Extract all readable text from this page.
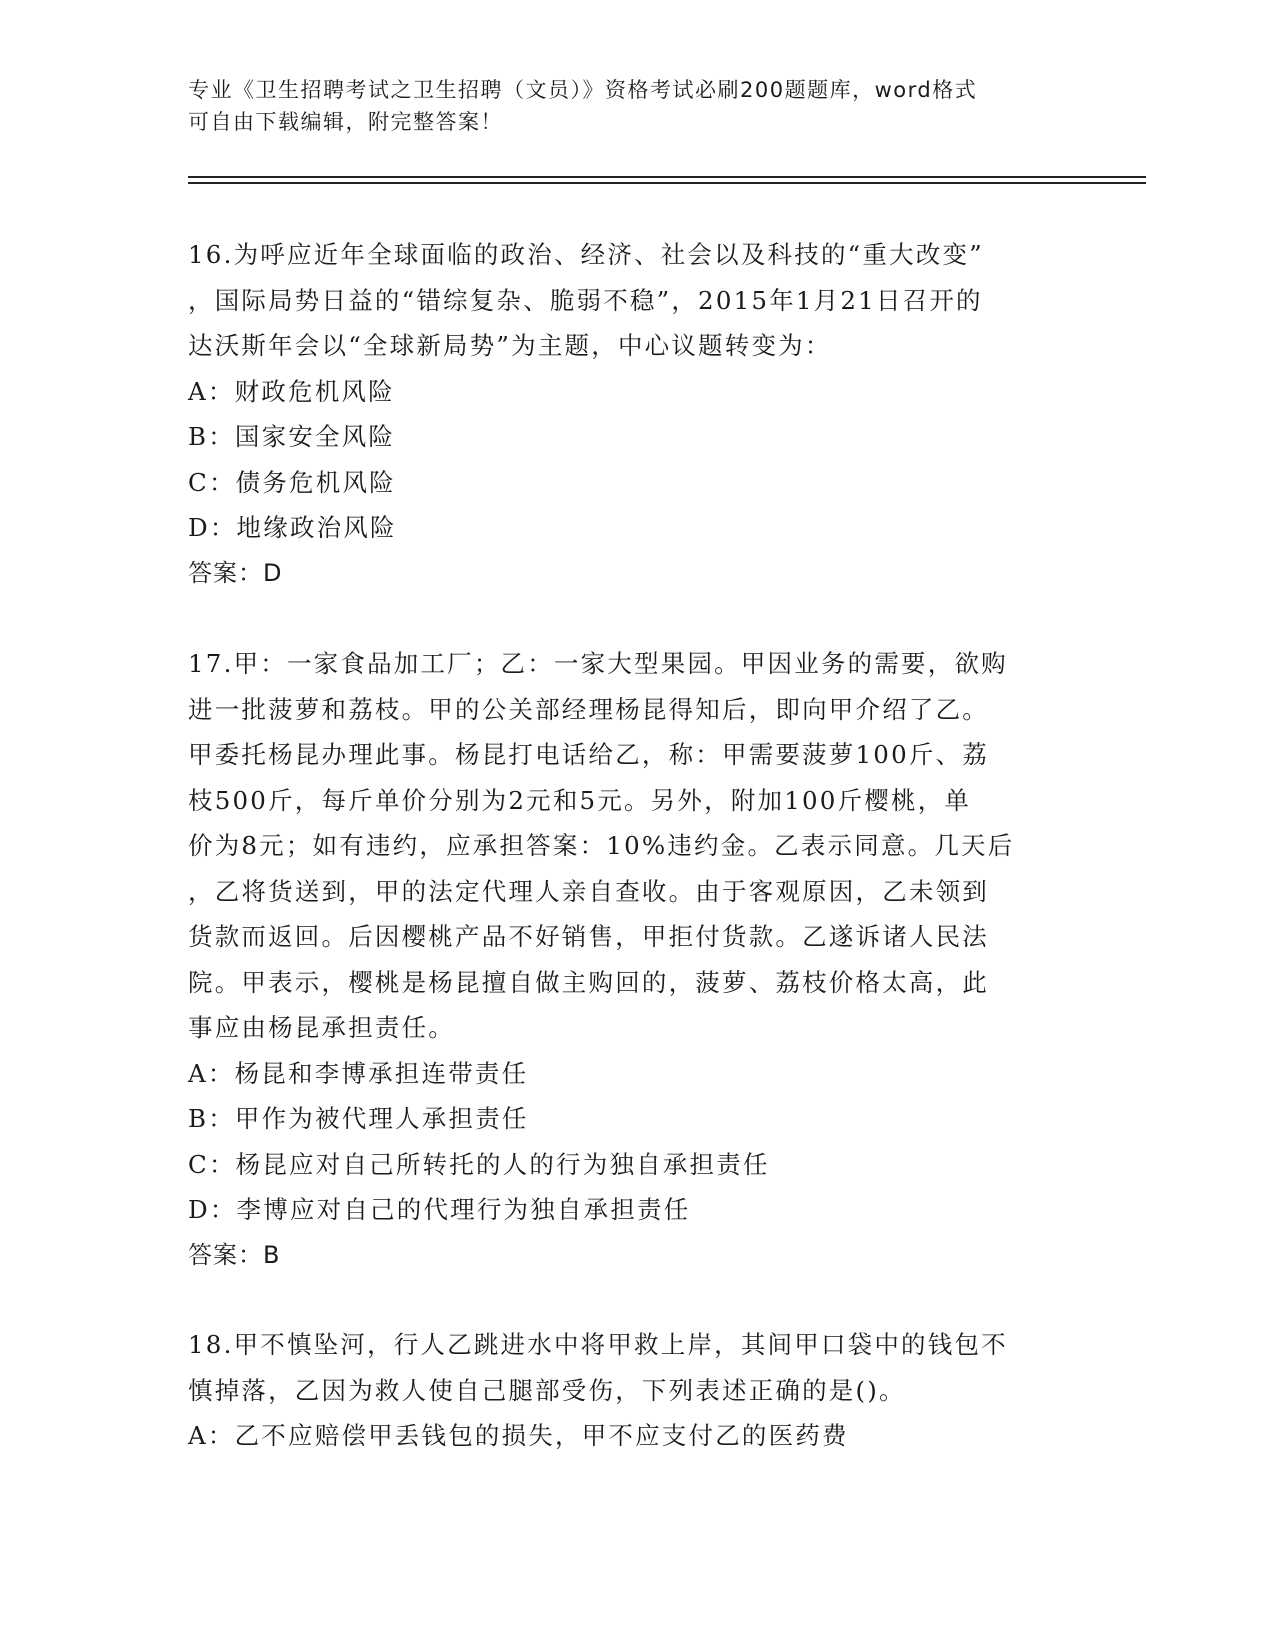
专业《卫生招聘考试之卫生招聘（文员）》资格考试必刷200题题库，word格式
可自由下载编辑，附完整答案！
16.为呼应近年全球面临的政治、经济、社会以及科技的“重大改变”
，国际局势日益的“错综复杂、脆弱不稳”，2015年1月21日召开的
达沃斯年会以“全球新局势”为主题，中心议题转变为：
A：财政危机风险
B：国家安全风险
C：债务危机风险
D：地缘政治风险
答案：D
17.甲：一家食品加工厂；乙：一家大型果园。甲因业务的需要，欲购
进一批菠萝和荔枝。甲的公关部经理杨昆得知后，即向甲介绍了乙。
甲委托杨昆办理此事。杨昆打电话给乙，称：甲需要菠萝100斤、荔
枝500斤，每斤单价分别为2元和5元。另外，附加100斤樱桃，单
价为8元；如有违约，应承担答案：10%违约金。乙表示同意。几天后
，乙将货送到，甲的法定代理人亲自查收。由于客观原因，乙未领到
货款而返回。后因樱桃产品不好销售，甲拒付货款。乙遂诉诸人民法
院。甲表示，樱桃是杨昆擅自做主购回的，菠萝、荔枝价格太高，此
事应由杨昆承担责任。
A：杨昆和李博承担连带责任
B：甲作为被代理人承担责任
C：杨昆应对自己所转托的人的行为独自承担责任
D：李博应对自己的代理行为独自承担责任
答案：B
18.甲不慎坠河，行人乙跳进水中将甲救上岸，其间甲口袋中的钱包不
慎掉落，乙因为救人使自己腿部受伤，下列表述正确的是()。
A：乙不应赔偿甲丢钱包的损失，甲不应支付乙的医药费
